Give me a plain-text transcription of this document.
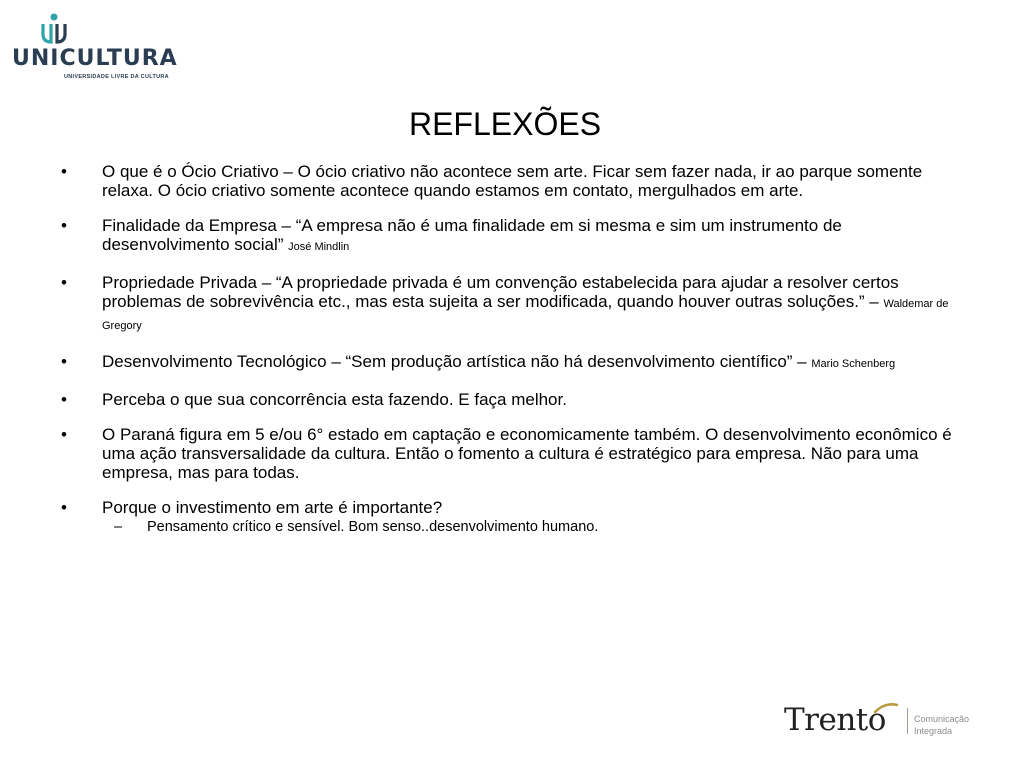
UNICULTURA
UNIVERSIDADE LIVRE DA CULTURA
REFLEXÕES
• O que é o Ócio Criativo – O ócio criativo não acontece sem arte. Ficar sem fazer nada, ir ao parque somente relaxa. O ócio criativo somente acontece quando estamos em contato, mergulhados em arte.
• Finalidade da Empresa – “A empresa não é uma finalidade em si mesma e sim um instrumento de desenvolvimento social” José Mindlin
• Propriedade Privada – “A propriedade privada é um convenção estabelecida para ajudar a resolver certos problemas de sobrevivência etc., mas esta sujeita a ser modificada, quando houver outras soluções.” – Waldemar de Gregory
• Desenvolvimento Tecnológico – “Sem produção artística não há desenvolvimento científico” – Mario Schenberg
• Perceba o que sua concorrência esta fazendo. E faça melhor.
• O Paraná figura em 5 e/ou 6° estado em captação e economicamente também. O desenvolvimento econômico é uma ação transversalidade da cultura. Então o fomento a cultura é estratégico para empresa. Não para uma empresa, mas para todas.
• Porque o investimento em arte é importante?
– Pensamento crítico e sensível. Bom senso..desenvolvimento humano.
Trento	Comunicação
Integrada
